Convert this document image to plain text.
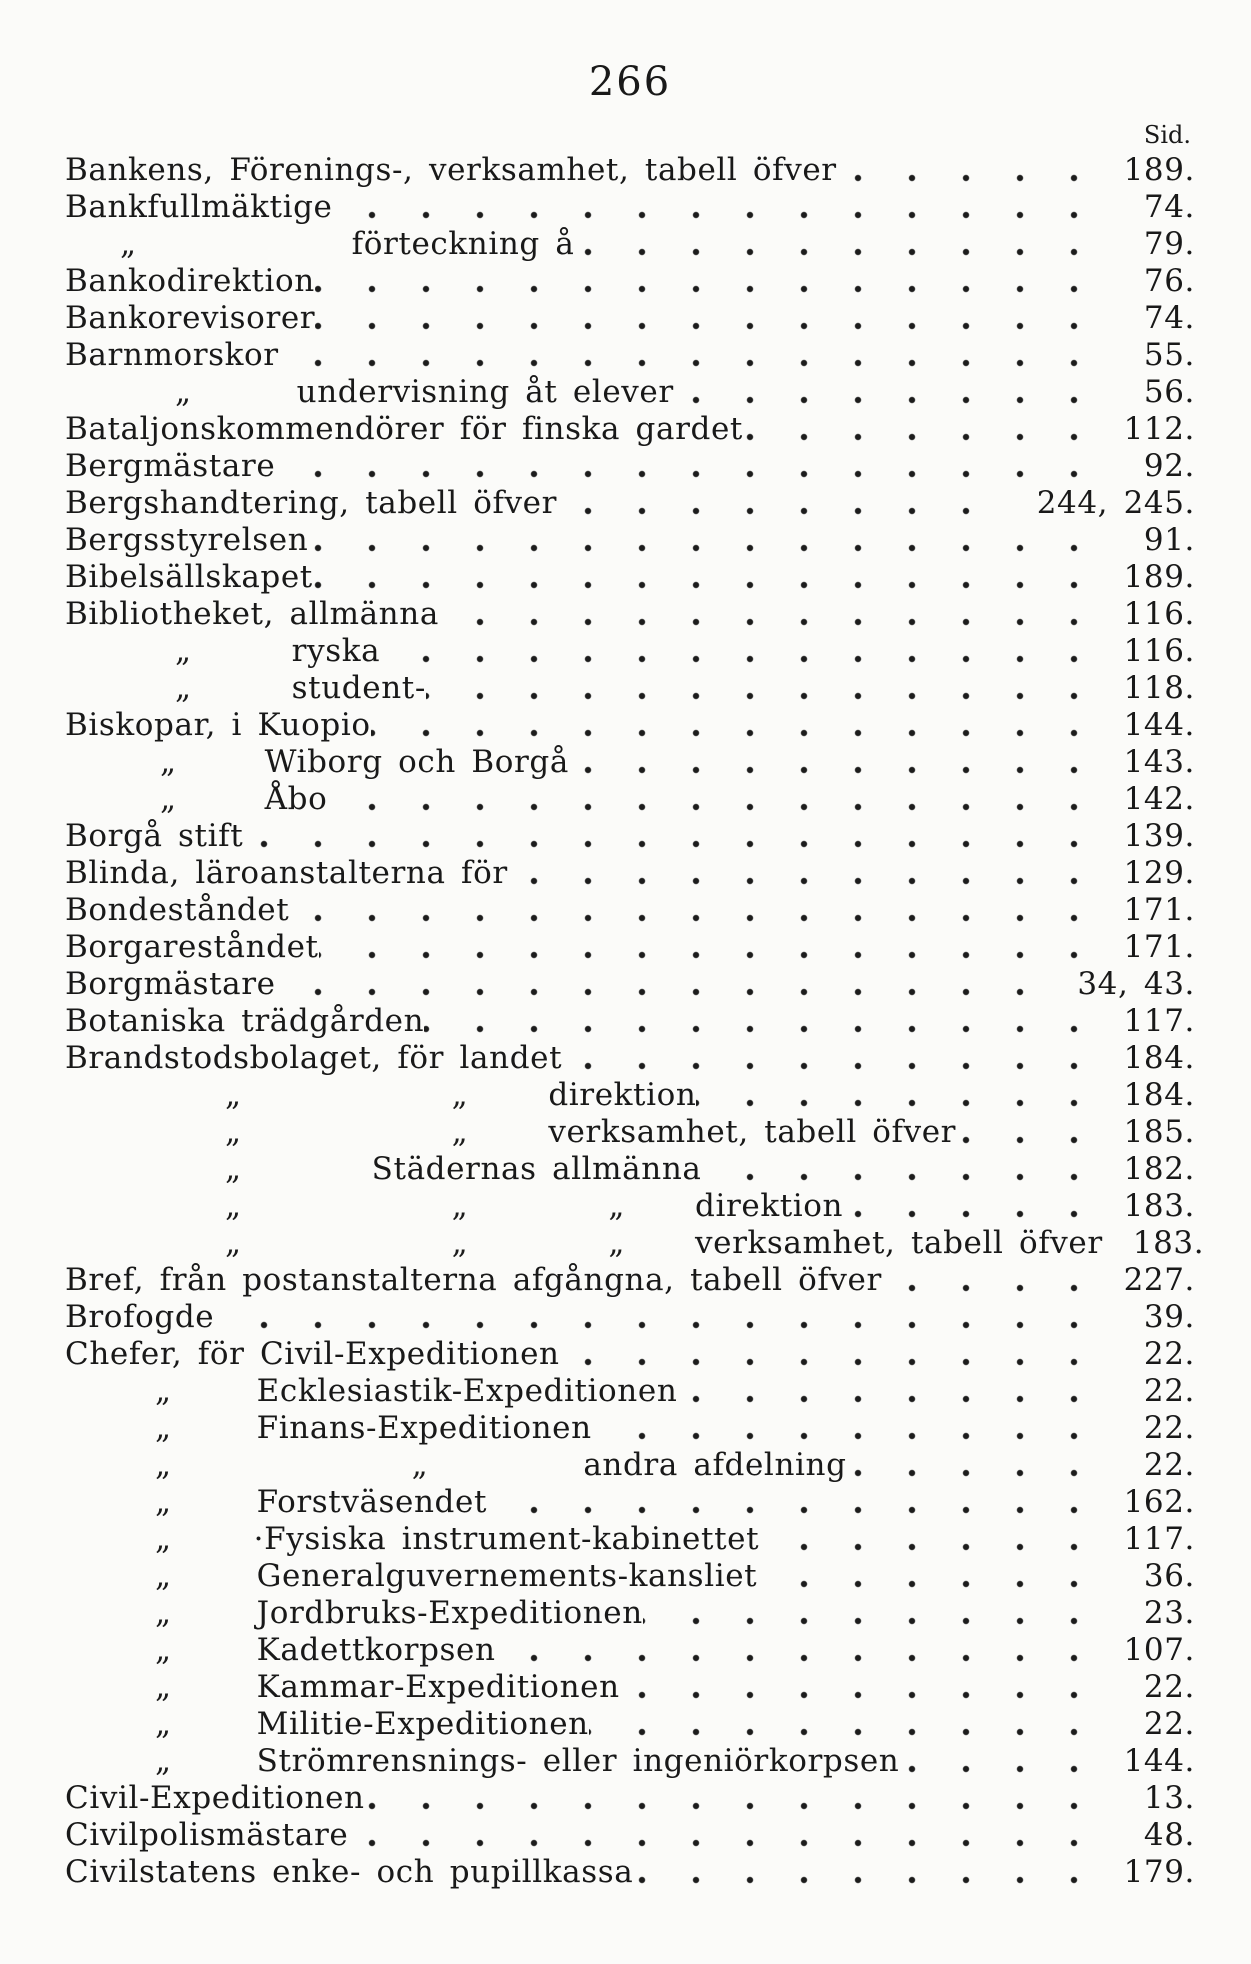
266
Sid.
Bankens, Förenings-, verksamhet, tabell öfver	189.
Bankfullmäktige	74.
„	förteckning å	79.
Bankodirektion	76.
Bankorevisorer	74.
Barnmorskor	55.
„	undervisning åt elever	56.
Bataljonskommendörer för finska gardet	112.
Bergmästare	92.
Bergshandtering, tabell öfver	244, 245.
Bergsstyrelsen	91.
Bibelsällskapet	189.
Bibliotheket, allmänna	116.
„	ryska	116.
„	student-	118.
Biskopar, i Kuopio	144.
„	Wiborg och Borgå	143.
„	Åbo	142.
Borgå stift	139.
Blinda, läroanstalterna för	129.
Bondeståndet	171.
Borgareståndet	171.
Borgmästare	34, 43.
Botaniska trädgården	117.
Brandstodsbolaget, för landet	184.
„	„	direktion	184.
„	„	verksamhet, tabell öfver	185.
„	Städernas allmänna	182.
„	„	„	direktion	183.
„	„	„	verksamhet, tabell öfver 183.
Bref, från postanstalterna afgångna, tabell öfver	227.
Brofogde	39.
Chefer, för Civil-Expeditionen	22.
„	Ecklesiastik-Expeditionen	22.
„	Finans-Expeditionen	22.
„	„	andra afdelning	22.
„	Forstväsendet	162.
„	·Fysiska instrument-kabinettet	117.
„	Generalguvernements-kansliet	36.
„	Jordbruks-Expeditionen	23.
„	Kadettkorpsen	107.
„	Kammar-Expeditionen	22.
„	Militie-Expeditionen	22.
„	Strömrensnings- eller ingeniörkorpsen	144.
Civil-Expeditionen	13.
Civilpolismästare	48.
Civilstatens enke- och pupillkassa	179.
